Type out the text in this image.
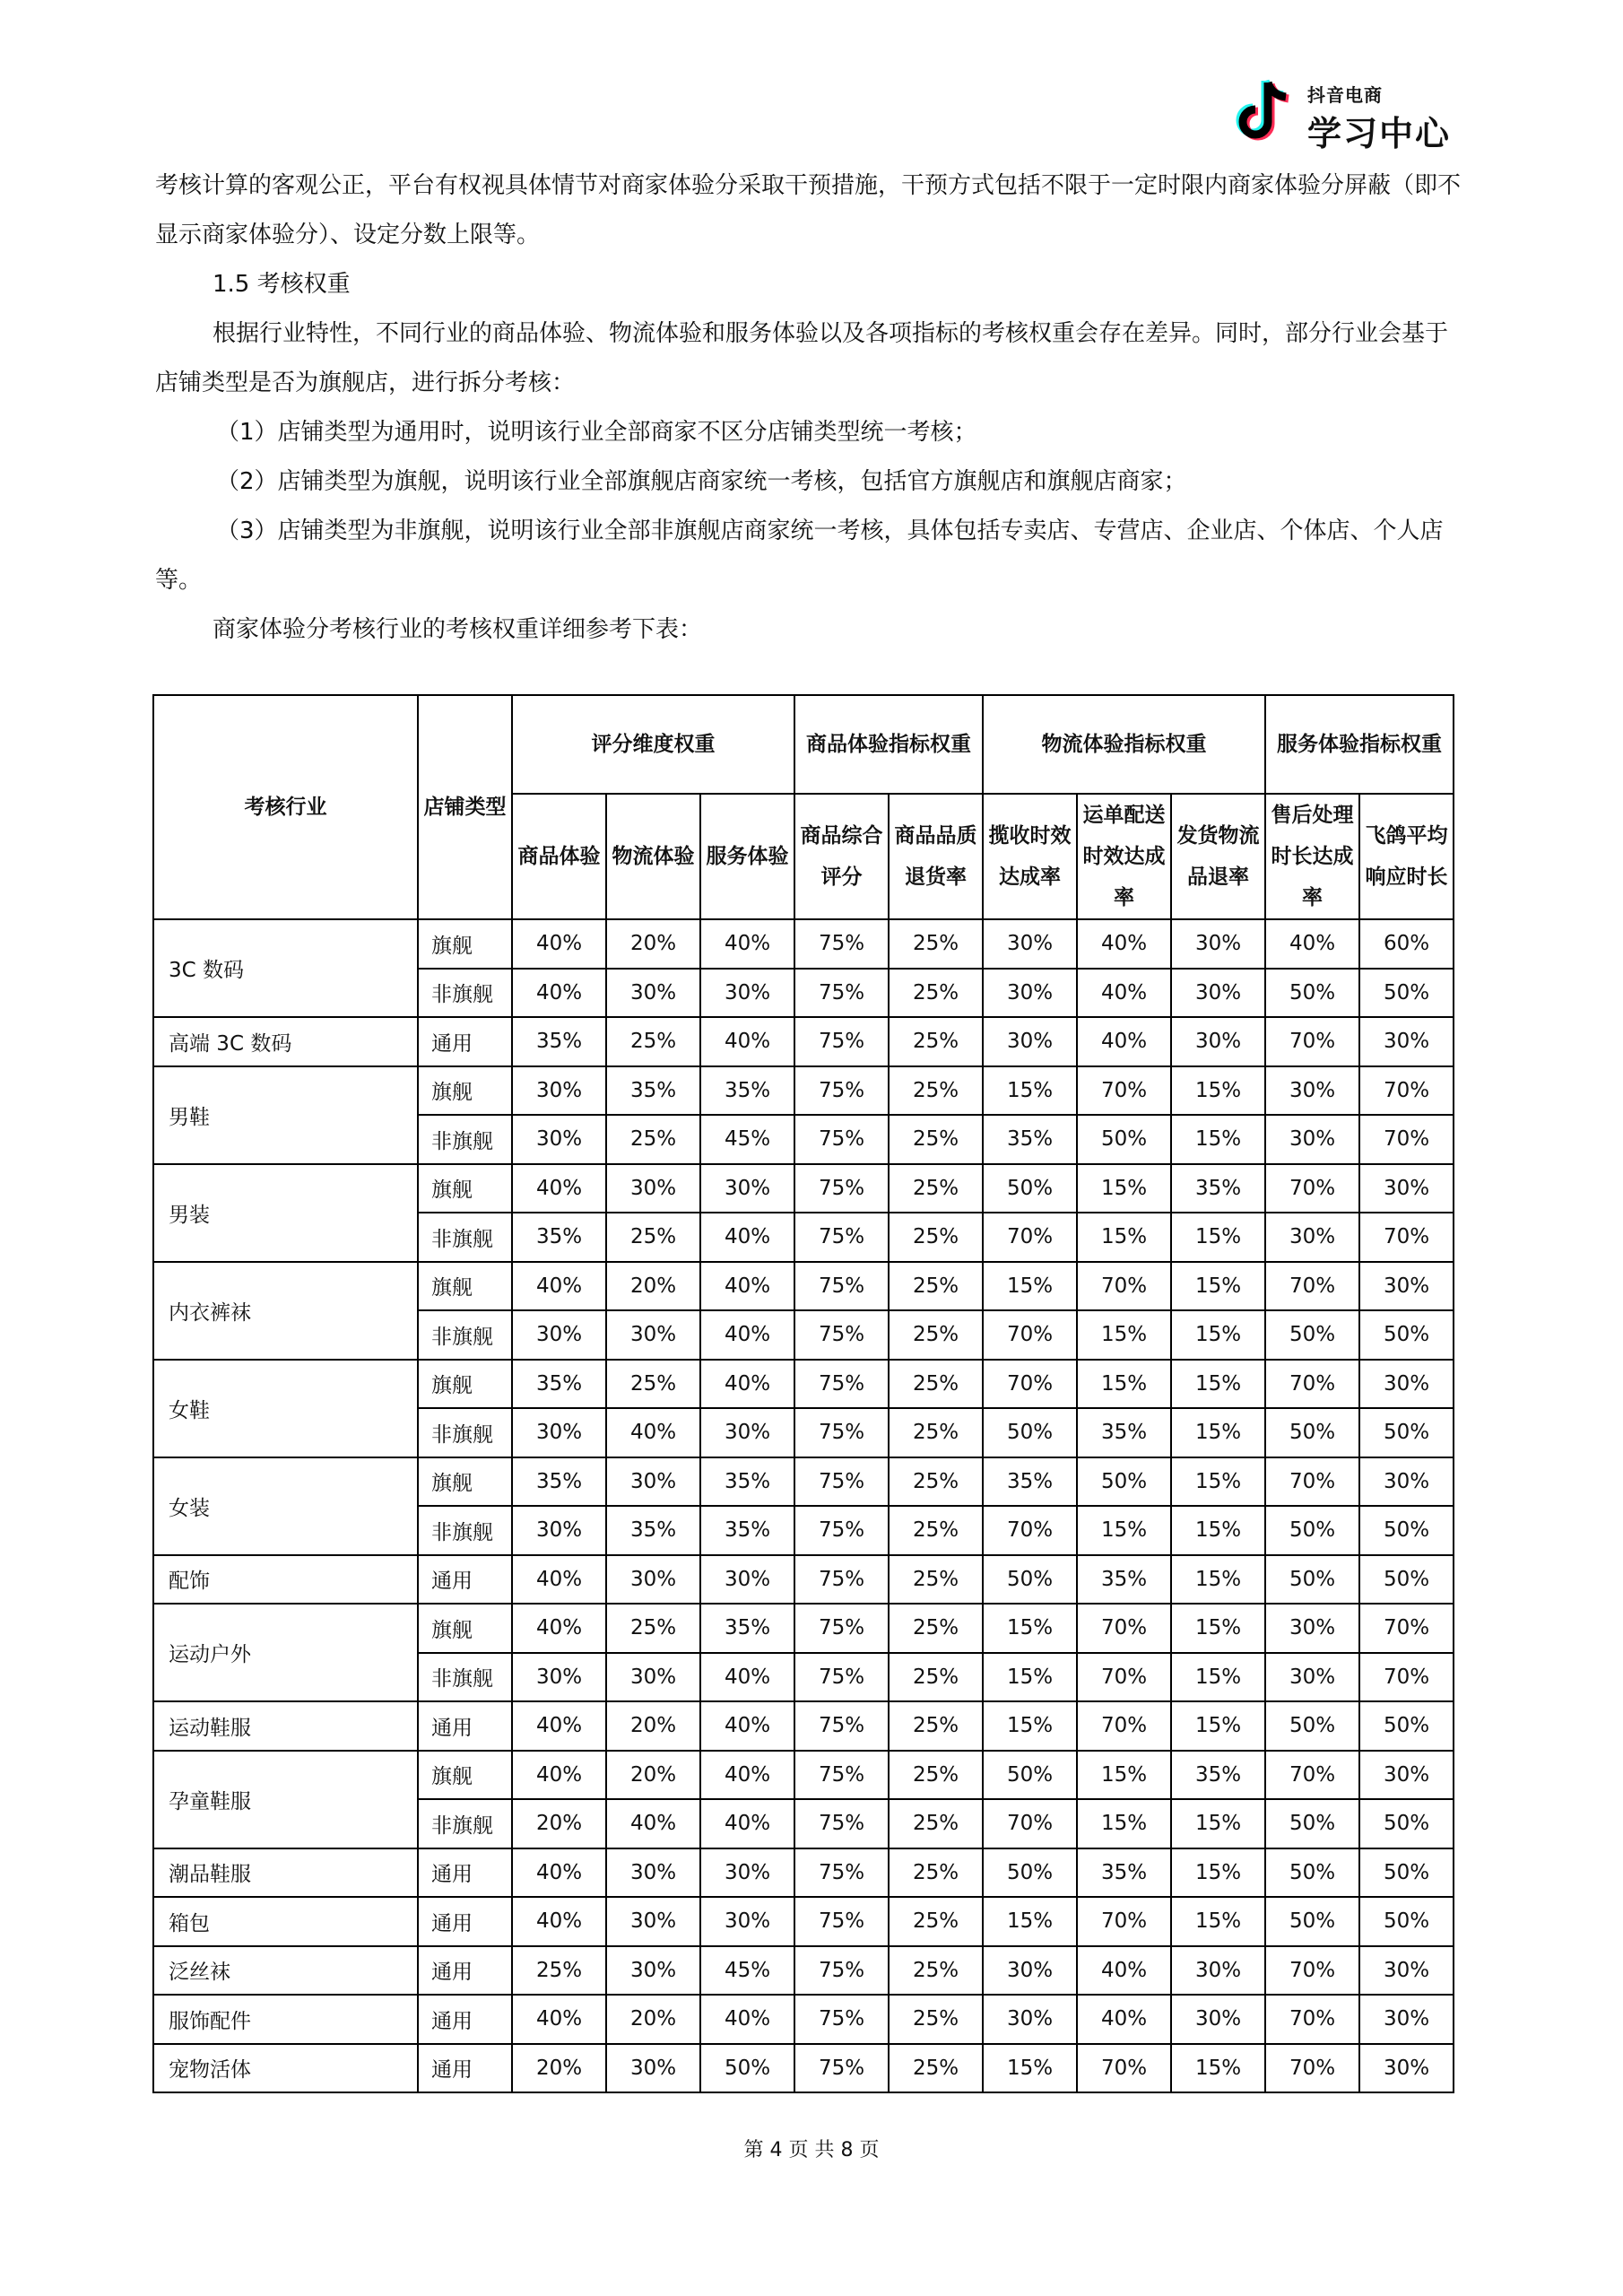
抖音电商
学习中心

考核计算的客观公正，平台有权视具体情节对商家体验分采取干预措施，干预方式包括不限于一定时限内商家体验分屏蔽（即不显示商家体验分）、设定分数上限等。

1.5 考核权重

根据行业特性，不同行业的商品体验、物流体验和服务体验以及各项指标的考核权重会存在差异。同时，部分行业会基于店铺类型是否为旗舰店，进行拆分考核：

（1）店铺类型为通用时，说明该行业全部商家不区分店铺类型统一考核；

（2）店铺类型为旗舰，说明该行业全部旗舰店商家统一考核，包括官方旗舰店和旗舰店商家；

（3）店铺类型为非旗舰，说明该行业全部非旗舰店商家统一考核，具体包括专卖店、专营店、企业店、个体店、个人店等。

商家体验分考核行业的考核权重详细参考下表：

考核行业	店铺类型	评分维度权重			商品体验指标权重		物流体验指标权重			服务体验指标权重	
		商品体验	物流体验	服务体验	商品综合评分	商品品质退货率	揽收时效达成率	运单配送时效达成率	发货物流品退率	售后处理时长达成率	飞鸽平均响应时长
3C 数码	旗舰	40%	20%	40%	75%	25%	30%	40%	30%	40%	60%
	非旗舰	40%	30%	30%	75%	25%	30%	40%	30%	50%	50%
高端 3C 数码	通用	35%	25%	40%	75%	25%	30%	40%	30%	70%	30%
男鞋	旗舰	30%	35%	35%	75%	25%	15%	70%	15%	30%	70%
	非旗舰	30%	25%	45%	75%	25%	35%	50%	15%	30%	70%
男装	旗舰	40%	30%	30%	75%	25%	50%	15%	35%	70%	30%
	非旗舰	35%	25%	40%	75%	25%	70%	15%	15%	30%	70%
内衣裤袜	旗舰	40%	20%	40%	75%	25%	15%	70%	15%	70%	30%
	非旗舰	30%	30%	40%	75%	25%	70%	15%	15%	50%	50%
女鞋	旗舰	35%	25%	40%	75%	25%	70%	15%	15%	70%	30%
	非旗舰	30%	40%	30%	75%	25%	50%	35%	15%	50%	50%
女装	旗舰	35%	30%	35%	75%	25%	35%	50%	15%	70%	30%
	非旗舰	30%	35%	35%	75%	25%	70%	15%	15%	50%	50%
配饰	通用	40%	30%	30%	75%	25%	50%	35%	15%	50%	50%
运动户外	旗舰	40%	25%	35%	75%	25%	15%	70%	15%	30%	70%
	非旗舰	30%	30%	40%	75%	25%	15%	70%	15%	30%	70%
运动鞋服	通用	40%	20%	40%	75%	25%	15%	70%	15%	50%	50%
孕童鞋服	旗舰	40%	20%	40%	75%	25%	50%	15%	35%	70%	30%
	非旗舰	20%	40%	40%	75%	25%	70%	15%	15%	50%	50%
潮品鞋服	通用	40%	30%	30%	75%	25%	50%	35%	15%	50%	50%
箱包	通用	40%	30%	30%	75%	25%	15%	70%	15%	50%	50%
泛丝袜	通用	25%	30%	45%	75%	25%	30%	40%	30%	70%	30%
服饰配件	通用	40%	20%	40%	75%	25%	30%	40%	30%	70%	30%
宠物活体	通用	20%	30%	50%	75%	25%	15%	70%	15%	70%	30%
第 4 页 共 8 页
